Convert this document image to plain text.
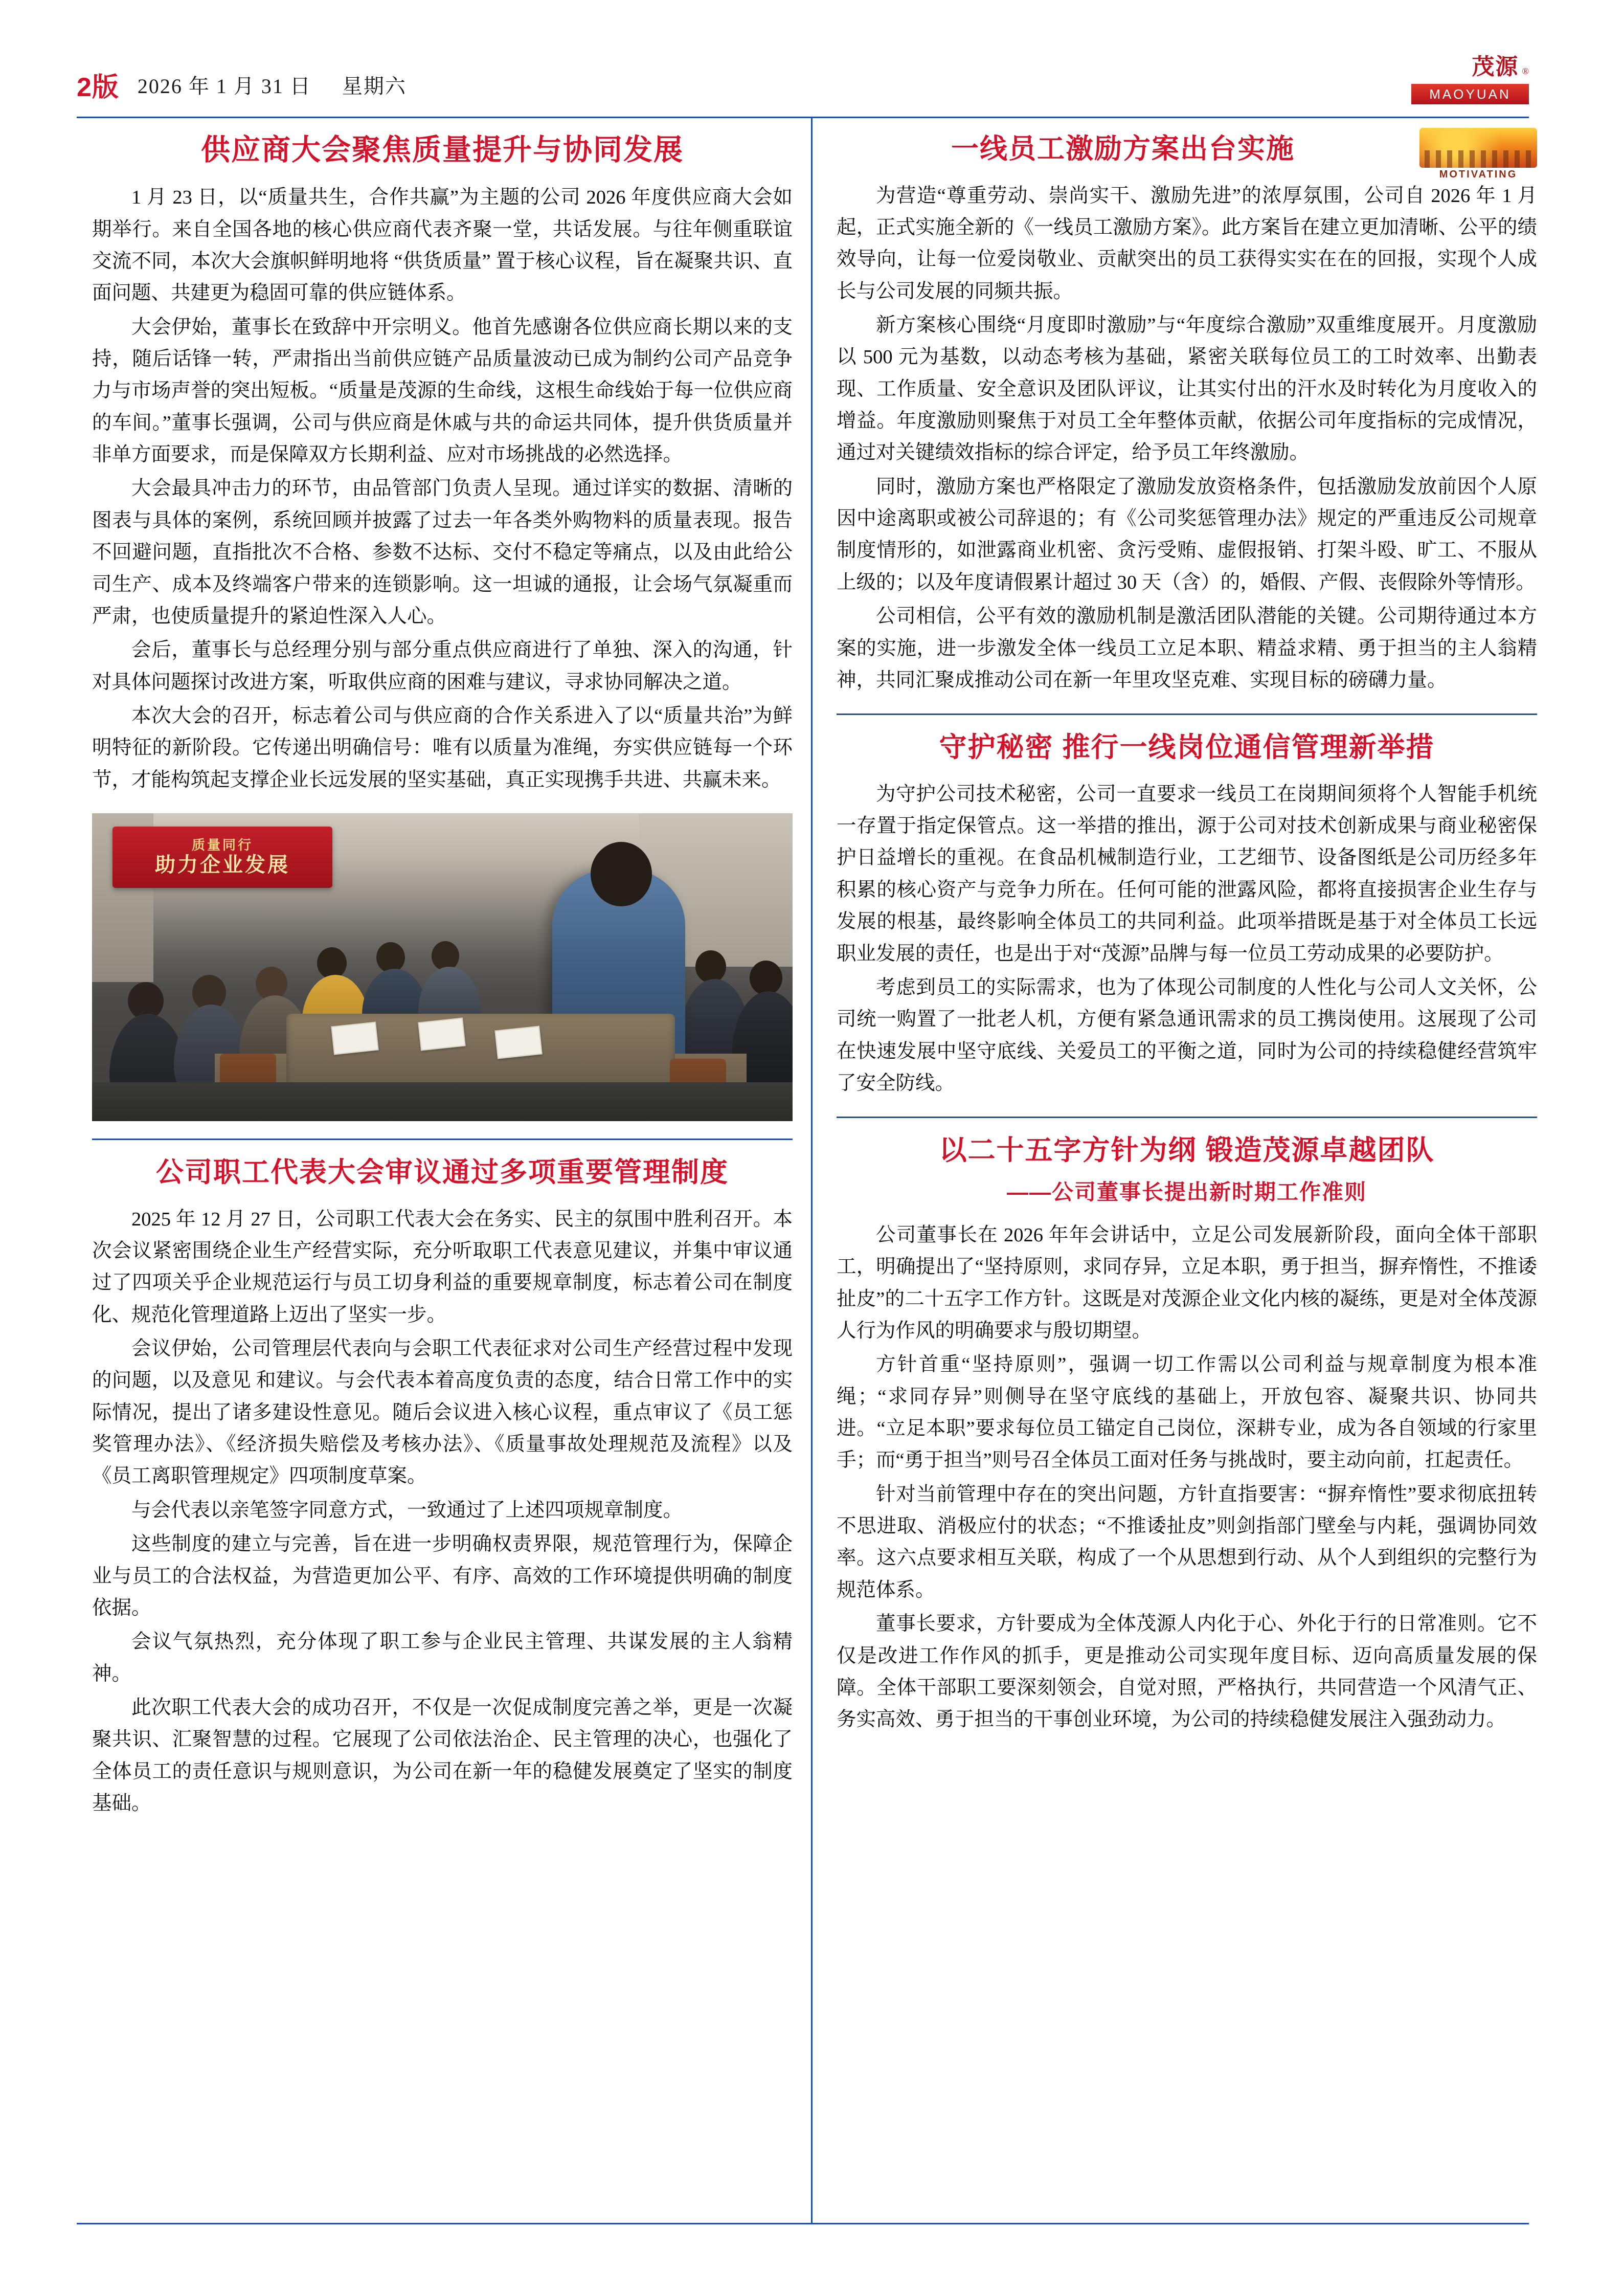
2版 2026 年 1 月 31 日 星期六
茂源 ®
MAOYUAN
供应商大会聚焦质量提升与协同发展

1 月 23 日，以“质量共生，合作共赢”为主题的公司 2026 年度供应商大会如期举行。来自全国各地的核心供应商代表齐聚一堂，共话发展。与往年侧重联谊交流不同，本次大会旗帜鲜明地将 “供货质量” 置于核心议程，旨在凝聚共识、直面问题、共建更为稳固可靠的供应链体系。

大会伊始，董事长在致辞中开宗明义。他首先感谢各位供应商长期以来的支持，随后话锋一转，严肃指出当前供应链产品质量波动已成为制约公司产品竞争力与市场声誉的突出短板。“质量是茂源的生命线，这根生命线始于每一位供应商的车间。”董事长强调，公司与供应商是休戚与共的命运共同体，提升供货质量并非单方面要求，而是保障双方长期利益、应对市场挑战的必然选择。

大会最具冲击力的环节，由品管部门负责人呈现。通过详实的数据、清晰的图表与具体的案例，系统回顾并披露了过去一年各类外购物料的质量表现。报告不回避问题，直指批次不合格、参数不达标、交付不稳定等痛点，以及由此给公司生产、成本及终端客户带来的连锁影响。这一坦诚的通报，让会场气氛凝重而严肃，也使质量提升的紧迫性深入人心。

会后，董事长与总经理分别与部分重点供应商进行了单独、深入的沟通，针对具体问题探讨改进方案，听取供应商的困难与建议，寻求协同解决之道。

本次大会的召开，标志着公司与供应商的合作关系进入了以“质量共治”为鲜明特征的新阶段。它传递出明确信号：唯有以质量为准绳，夯实供应链每一个环节，才能构筑起支撑企业长远发展的坚实基础，真正实现携手共进、共赢未来。

质量同行
助力企业发展
公司职工代表大会审议通过多项重要管理制度

2025 年 12 月 27 日，公司职工代表大会在务实、民主的氛围中胜利召开。本次会议紧密围绕企业生产经营实际，充分听取职工代表意见建议，并集中审议通过了四项关乎企业规范运行与员工切身利益的重要规章制度，标志着公司在制度化、规范化管理道路上迈出了坚实一步。

会议伊始，公司管理层代表向与会职工代表征求对公司生产经营过程中发现的问题，以及意见 和建议。与会代表本着高度负责的态度，结合日常工作中的实际情况，提出了诸多建设性意见。随后会议进入核心议程，重点审议了《员工惩奖管理办法》、《经济损失赔偿及考核办法》、《质量事故处理规范及流程》以及《员工离职管理规定》四项制度草案。

与会代表以亲笔签字同意方式，一致通过了上述四项规章制度。

这些制度的建立与完善，旨在进一步明确权责界限，规范管理行为，保障企业与员工的合法权益，为营造更加公平、有序、高效的工作环境提供明确的制度依据。

会议气氛热烈，充分体现了职工参与企业民主管理、共谋发展的主人翁精神。

此次职工代表大会的成功召开，不仅是一次促成制度完善之举，更是一次凝聚共识、汇聚智慧的过程。它展现了公司依法治企、民主管理的决心，也强化了全体员工的责任意识与规则意识，为公司在新一年的稳健发展奠定了坚实的制度基础。

MOTIVATING
一线员工激励方案出台实施

为营造“尊重劳动、崇尚实干、激励先进”的浓厚氛围，公司自 2026 年 1 月起，正式实施全新的《一线员工激励方案》。此方案旨在建立更加清晰、公平的绩效导向，让每一位爱岗敬业、贡献突出的员工获得实实在在的回报，实现个人成长与公司发展的同频共振。

新方案核心围绕“月度即时激励”与“年度综合激励”双重维度展开。月度激励以 500 元为基数，以动态考核为基础，紧密关联每位员工的工时效率、出勤表现、工作质量、安全意识及团队评议，让其实付出的汗水及时转化为月度收入的增益。年度激励则聚焦于对员工全年整体贡献，依据公司年度指标的完成情况，通过对关键绩效指标的综合评定，给予员工年终激励。

同时，激励方案也严格限定了激励发放资格条件，包括激励发放前因个人原因中途离职或被公司辞退的；有《公司奖惩管理办法》规定的严重违反公司规章制度情形的，如泄露商业机密、贪污受贿、虚假报销、打架斗殴、旷工、不服从上级的；以及年度请假累计超过 30 天（含）的，婚假、产假、丧假除外等情形。

公司相信，公平有效的激励机制是激活团队潜能的关键。公司期待通过本方案的实施，进一步激发全体一线员工立足本职、精益求精、勇于担当的主人翁精神，共同汇聚成推动公司在新一年里攻坚克难、实现目标的磅礴力量。

守护秘密 推行一线岗位通信管理新举措

为守护公司技术秘密，公司一直要求一线员工在岗期间须将个人智能手机统一存置于指定保管点。这一举措的推出，源于公司对技术创新成果与商业秘密保护日益增长的重视。在食品机械制造行业，工艺细节、设备图纸是公司历经多年积累的核心资产与竞争力所在。任何可能的泄露风险，都将直接损害企业生存与发展的根基，最终影响全体员工的共同利益。此项举措既是基于对全体员工长远职业发展的责任，也是出于对“茂源”品牌与每一位员工劳动成果的必要防护。

考虑到员工的实际需求，也为了体现公司制度的人性化与公司人文关怀，公司统一购置了一批老人机，方便有紧急通讯需求的员工携岗使用。这展现了公司在快速发展中坚守底线、关爱员工的平衡之道，同时为公司的持续稳健经营筑牢了安全防线。

以二十五字方针为纲 锻造茂源卓越团队
——公司董事长提出新时期工作准则

公司董事长在 2026 年年会讲话中，立足公司发展新阶段，面向全体干部职工，明确提出了“坚持原则，求同存异，立足本职，勇于担当，摒弃惰性，不推诿扯皮”的二十五字工作方针。这既是对茂源企业文化内核的凝练，更是对全体茂源人行为作风的明确要求与殷切期望。

方针首重“坚持原则”，强调一切工作需以公司利益与规章制度为根本准绳；“求同存异”则侧导在坚守底线的基础上，开放包容、凝聚共识、协同共进。“立足本职”要求每位员工锚定自己岗位，深耕专业，成为各自领域的行家里手；而“勇于担当”则号召全体员工面对任务与挑战时，要主动向前，扛起责任。

针对当前管理中存在的突出问题，方针直指要害：“摒弃惰性”要求彻底扭转不思进取、消极应付的状态；“不推诿扯皮”则剑指部门壁垒与内耗，强调协同效率。这六点要求相互关联，构成了一个从思想到行动、从个人到组织的完整行为规范体系。

董事长要求，方针要成为全体茂源人内化于心、外化于行的日常准则。它不仅是改进工作作风的抓手，更是推动公司实现年度目标、迈向高质量发展的保障。全体干部职工要深刻领会，自觉对照，严格执行，共同营造一个风清气正、务实高效、勇于担当的干事创业环境，为公司的持续稳健发展注入强劲动力。
